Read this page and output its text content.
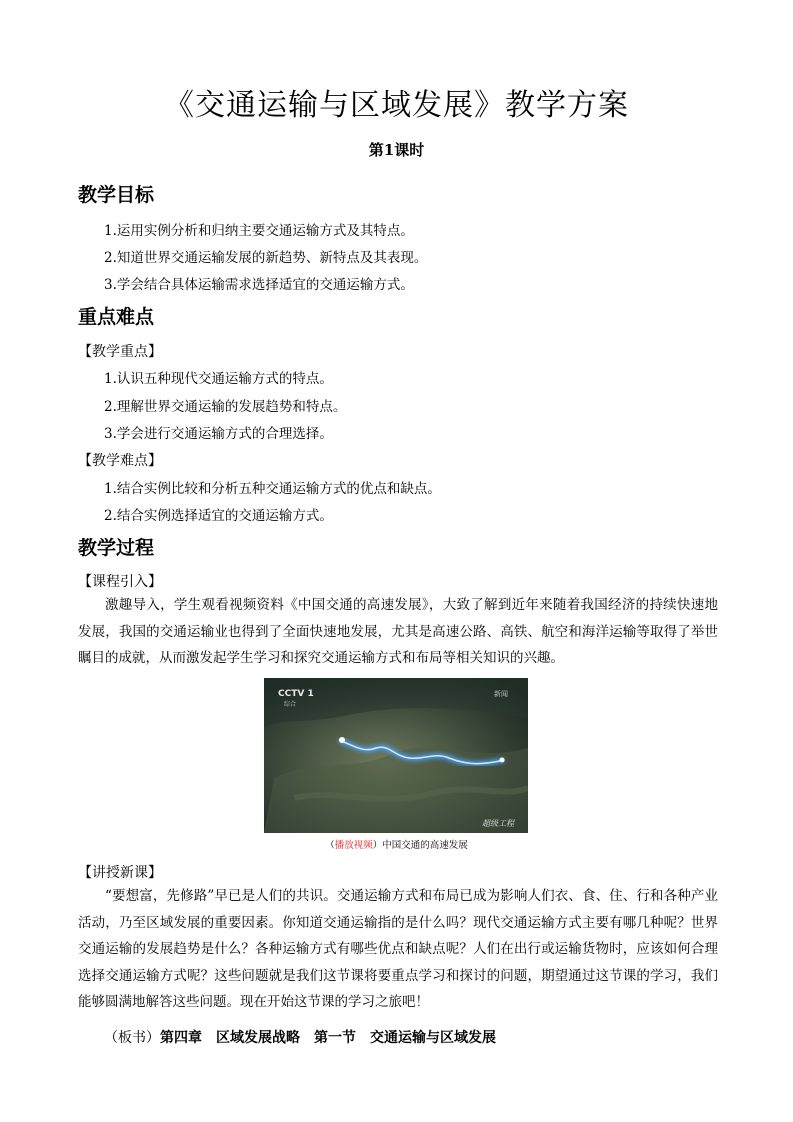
《交通运输与区域发展》教学方案
第1课时
教学目标
1.运用实例分析和归纳主要交通运输方式及其特点。
2.知道世界交通运输发展的新趋势、新特点及其表现。
3.学会结合具体运输需求选择适宜的交通运输方式。
重点难点
【教学重点】
1.认识五种现代交通运输方式的特点。
2.理解世界交通运输的发展趋势和特点。
3.学会进行交通运输方式的合理选择。
【教学难点】
1.结合实例比较和分析五种交通运输方式的优点和缺点。
2.结合实例选择适宜的交通运输方式。
教学过程
【课程引入】
激趣导入，学生观看视频资料《中国交通的高速发展》，大致了解到近年来随着我国经济的持续快速地发展，我国的交通运输业也得到了全面快速地发展，尤其是高速公路、高铁、航空和海洋运输等取得了举世瞩目的成就，从而激发起学生学习和探究交通运输方式和布局等相关知识的兴趣。
CCTV 1
综合
新闻
超级工程
（播放视频）中国交通的高速发展
【讲授新课】
“要想富，先修路”早已是人们的共识。交通运输方式和布局已成为影响人们衣、食、住、行和各种产业活动，乃至区域发展的重要因素。你知道交通运输指的是什么吗？现代交通运输方式主要有哪几种呢？世界交通运输的发展趋势是什么？各种运输方式有哪些优点和缺点呢？人们在出行或运输货物时，应该如何合理选择交通运输方式呢？这些问题就是我们这节课将要重点学习和探讨的问题，期望通过这节课的学习，我们能够圆满地解答这些问题。现在开始这节课的学习之旅吧！
（板书）第四章　区域发展战略　第一节　交通运输与区域发展
